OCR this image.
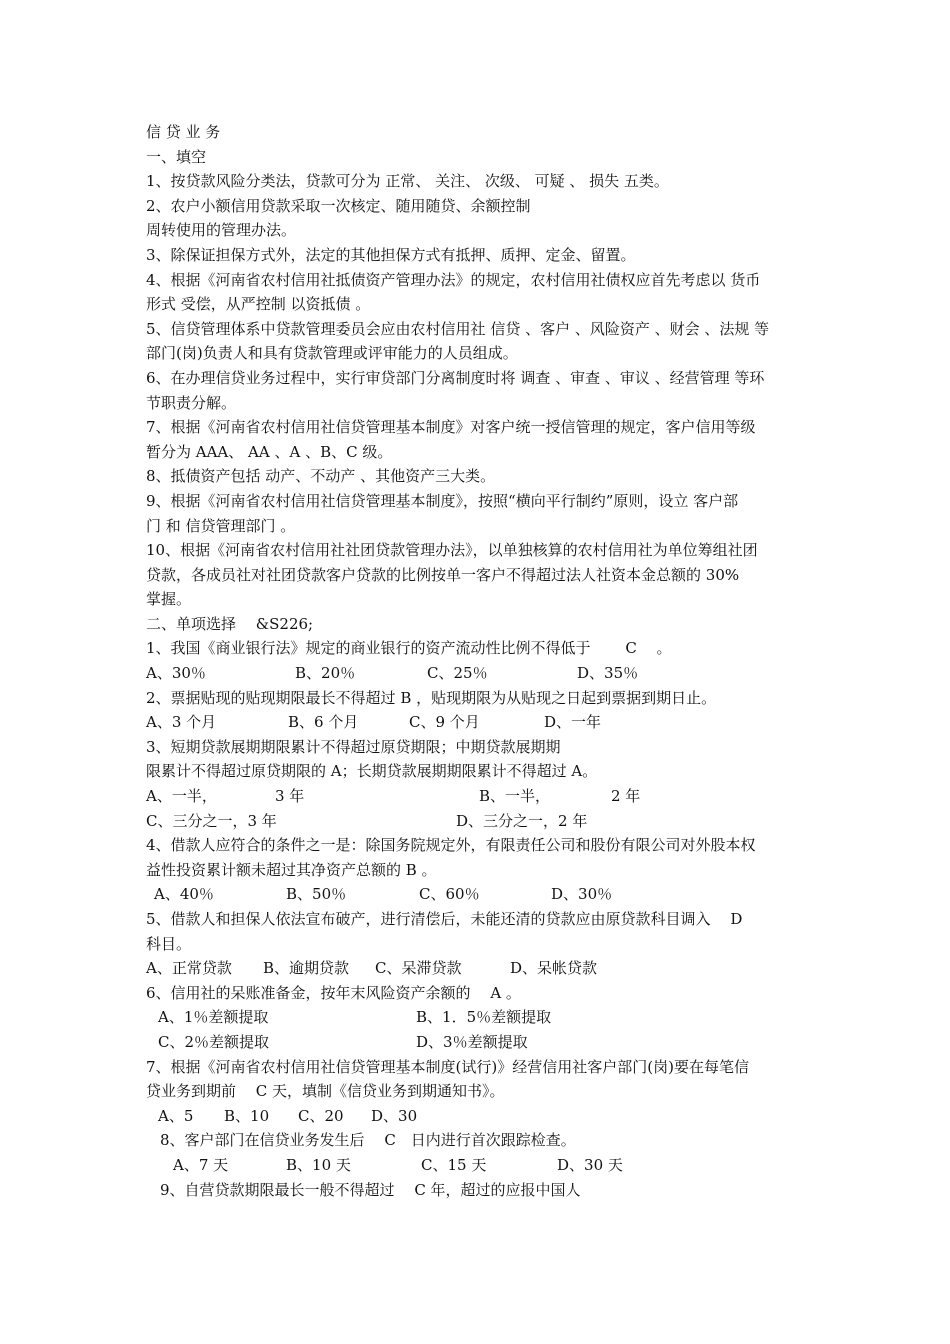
信 贷 业 务
一、填空
1、按贷款风险分类法，贷款可分为 正常、 关注、 次级、 可疑 、 损失 五类。
2、农户小额信用贷款采取一次核定、随用随贷、余额控制
周转使用的管理办法。
3、除保证担保方式外，法定的其他担保方式有抵押、质押、定金、留置。
4、根据《河南省农村信用社抵债资产管理办法》的规定，农村信用社债权应首先考虑以 货币
形式 受偿，从严控制 以资抵债 。
5、信贷管理体系中贷款管理委员会应由农村信用社 信贷 、客户 、风险资产 、财会 、法规 等
部门(岗)负责人和具有贷款管理或评审能力的人员组成。
6、在办理信贷业务过程中，实行审贷部门分离制度时将 调查 、审查 、审议 、经营管理 等环
节职责分解。
7、根据《河南省农村信用社信贷管理基本制度》对客户统一授信管理的规定，客户信用等级
暂分为 AAA、 AA 、A 、B、C 级。
8、抵债资产包括 动产、不动产 、其他资产三大类。
9、根据《河南省农村信用社信贷管理基本制度》，按照“横向平行制约”原则，设立 客户部
门 和 信贷管理部门 。
10、根据《河南省农村信用社社团贷款管理办法》，以单独核算的农村信用社为单位筹组社团
贷款，各成员社对社团贷款客户贷款的比例按单一客户不得超过法人社资本金总额的 30%
掌握。
二、单项选择　 &S226;
1、我国《商业银行法》规定的商业银行的资产流动性比例不得低于　　 C　 。
A、30％	B、20％	C、25％	D、35％
2、票据贴现的贴现期限最长不得超过 B ，贴现期限为从贴现之日起到票据到期日止。
A、3 个月	B、6 个月	C、9 个月	D、一年
3、短期贷款展期期限累计不得超过原贷期限；中期贷款展期期
限累计不得超过原贷期限的 A；长期贷款展期期限累计不得超过 A。
A、一半，	3 年	B、一半，	2 年
C、三分之一，3 年	D、三分之一，2 年
4、借款人应符合的条件之一是：除国务院规定外，有限责任公司和股份有限公司对外股本权
益性投资累计额未超过其净资产总额的 B 。
A、40％	B、50％	C、60％	D、30％
5、借款人和担保人依法宣布破产，进行清偿后，未能还清的贷款应由原贷款科目调入　 D
科目。
A、正常贷款 B、逾期贷款 C、呆滞贷款	D、呆帐贷款
6、信用社的呆账准备金，按年末风险资产余额的　 A 。
A、1％差额提取	B、1．5％差额提取
C、2％差额提取	D、3％差额提取
7、根据《河南省农村信用社信贷管理基本制度(试行)》经营信用社客户部门(岗)要在每笔信
贷业务到期前　 C 天，填制《信贷业务到期通知书》。
A、5 B、10 C、20 D、30
8、客户部门在信贷业务发生后　 C　日内进行首次跟踪检查。
A、7 天	B、10 天	C、15 天	D、30 天
9、自营贷款期限最长一般不得超过　 C 年，超过的应报中国人
